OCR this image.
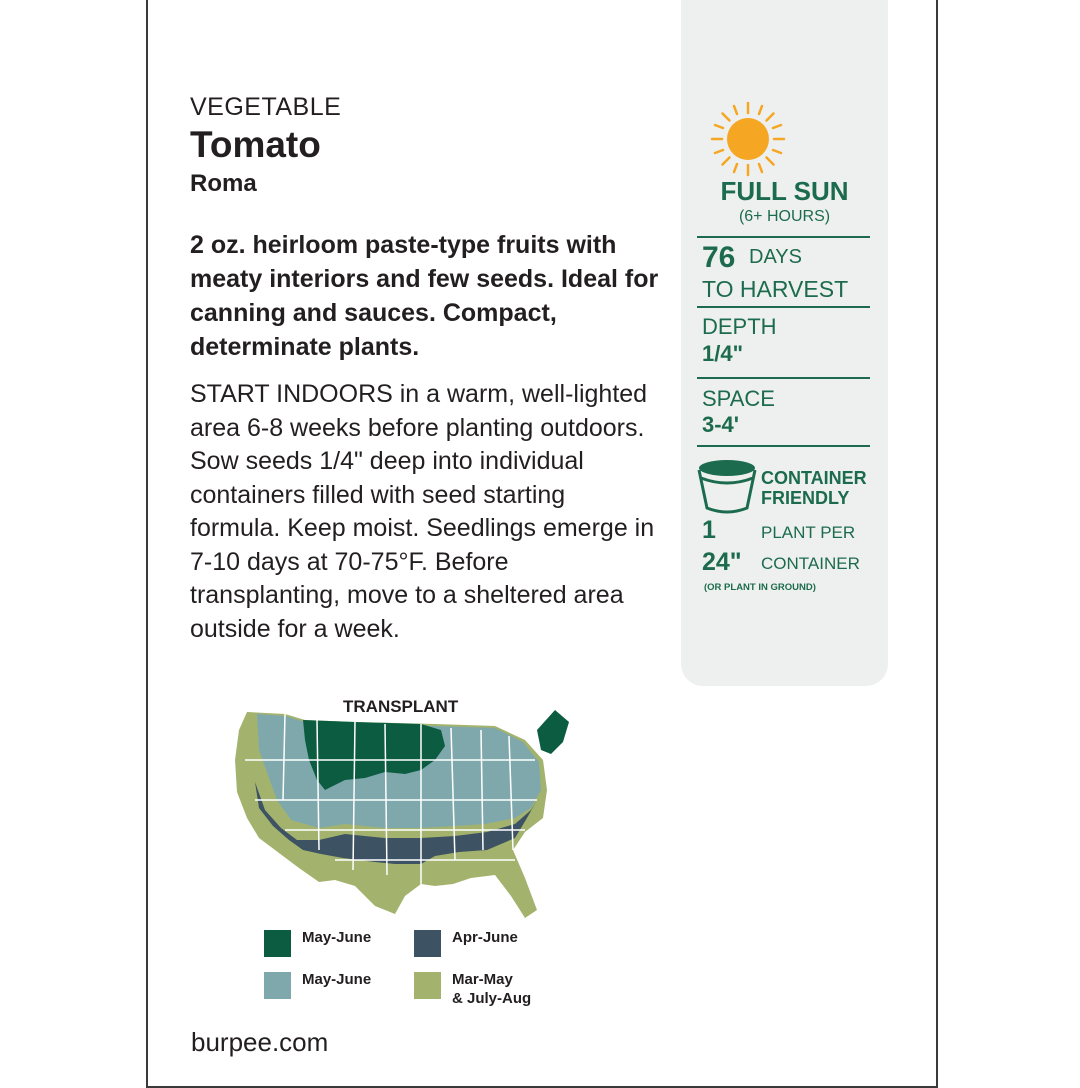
VEGETABLE
Tomato
Roma

2 oz. heirloom paste-type fruits with meaty interiors and few seeds. Ideal for canning and sauces. Compact, determinate plants.

START INDOORS in a warm, well-lighted area 6-8 weeks before planting outdoors. Sow seeds 1/4" deep into individual containers filled with seed starting formula. Keep moist. Seedlings emerge in 7-10 days at 70-75°F. Before transplanting, move to a sheltered area outside for a week.

TRANSPLANT
May-June	Apr-June
May-June	Mar-May
& July-Aug
burpee.com
FULL SUN
(6+ HOURS)
76 DAYS
TO HARVEST
DEPTH
1/4"
SPACE
3-4'
CONTAINER FRIENDLY
1	PLANT PER
24" CONTAINER
(OR PLANT IN GROUND)
